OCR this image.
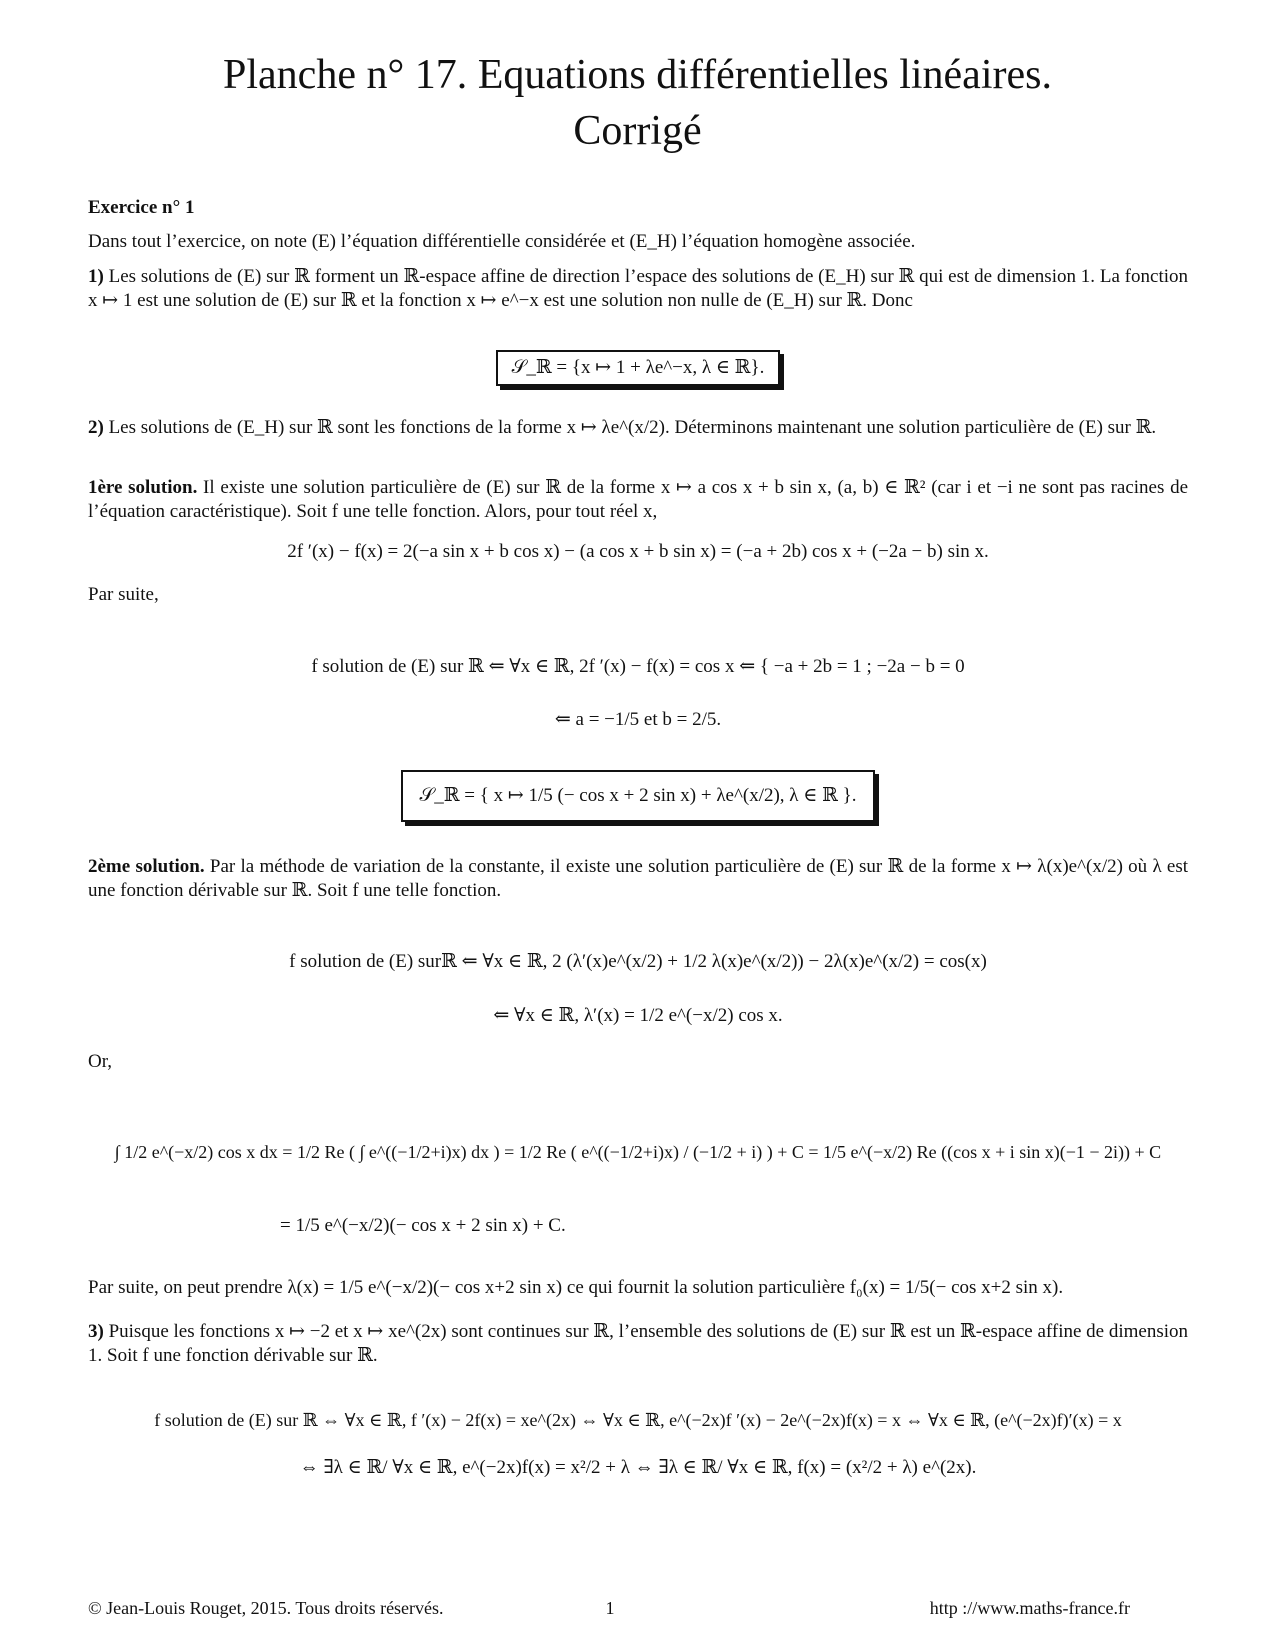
Planche n° 17. Equations différentielles linéaires.
Corrigé
Exercice n° 1
Dans tout l’exercice, on note (E) l’équation différentielle considérée et (E_H) l’équation homogène associée.
1) Les solutions de (E) sur ℝ forment un ℝ-espace affine de direction l’espace des solutions de (E_H) sur ℝ qui est de dimension 1. La fonction x ↦ 1 est une solution de (E) sur ℝ et la fonction x ↦ e^−x est une solution non nulle de (E_H) sur ℝ. Donc
𝒮_ℝ = {x ↦ 1 + λe^−x, λ ∈ ℝ}.
2) Les solutions de (E_H) sur ℝ sont les fonctions de la forme x ↦ λe^(x/2). Déterminons maintenant une solution particulière de (E) sur ℝ.
1ère solution. Il existe une solution particulière de (E) sur ℝ de la forme x ↦ a cos x + b sin x, (a, b) ∈ ℝ² (car i et −i ne sont pas racines de l’équation caractéristique). Soit f une telle fonction. Alors, pour tout réel x,
2f ′(x) − f(x) = 2(−a sin x + b cos x) − (a cos x + b sin x) = (−a + 2b) cos x + (−2a − b) sin x.
Par suite,
f solution de (E) sur ℝ ⇐ ∀x ∈ ℝ, 2f ′(x) − f(x) = cos x ⇐ { −a + 2b = 1 ; −2a − b = 0
⇐ a = −1/5 et b = 2/5.
𝒮_ℝ = { x ↦ 1/5 (− cos x + 2 sin x) + λe^(x/2), λ ∈ ℝ }.
2ème solution. Par la méthode de variation de la constante, il existe une solution particulière de (E) sur ℝ de la forme x ↦ λ(x)e^(x/2) où λ est une fonction dérivable sur ℝ. Soit f une telle fonction.
f solution de (E) surℝ ⇐ ∀x ∈ ℝ, 2 (λ′(x)e^(x/2) + 1/2 λ(x)e^(x/2)) − 2λ(x)e^(x/2) = cos(x)
⇐ ∀x ∈ ℝ, λ′(x) = 1/2 e^(−x/2) cos x.
Or,
∫ 1/2 e^(−x/2) cos x dx = 1/2 Re ( ∫ e^((−1/2+i)x) dx ) = 1/2 Re ( e^((−1/2+i)x) / (−1/2 + i) ) + C = 1/5 e^(−x/2) Re ((cos x + i sin x)(−1 − 2i)) + C
= 1/5 e^(−x/2)(− cos x + 2 sin x) + C.
Par suite, on peut prendre λ(x) = 1/5 e^(−x/2)(− cos x+2 sin x) ce qui fournit la solution particulière f₀(x) = 1/5(− cos x+2 sin x).
3) Puisque les fonctions x ↦ −2 et x ↦ xe^(2x) sont continues sur ℝ, l’ensemble des solutions de (E) sur ℝ est un ℝ-espace affine de dimension 1. Soit f une fonction dérivable sur ℝ.
f solution de (E) sur ℝ ⇔ ∀x ∈ ℝ, f ′(x) − 2f(x) = xe^(2x) ⇔ ∀x ∈ ℝ, e^(−2x)f ′(x) − 2e^(−2x)f(x) = x ⇔ ∀x ∈ ℝ, (e^(−2x)f)′(x) = x
⇔ ∃λ ∈ ℝ/ ∀x ∈ ℝ, e^(−2x)f(x) = x²/2 + λ ⇔ ∃λ ∈ ℝ/ ∀x ∈ ℝ, f(x) = (x²/2 + λ) e^(2x).
© Jean-Louis Rouget, 2015. Tous droits réservés.	1	http ://www.maths-france.fr
